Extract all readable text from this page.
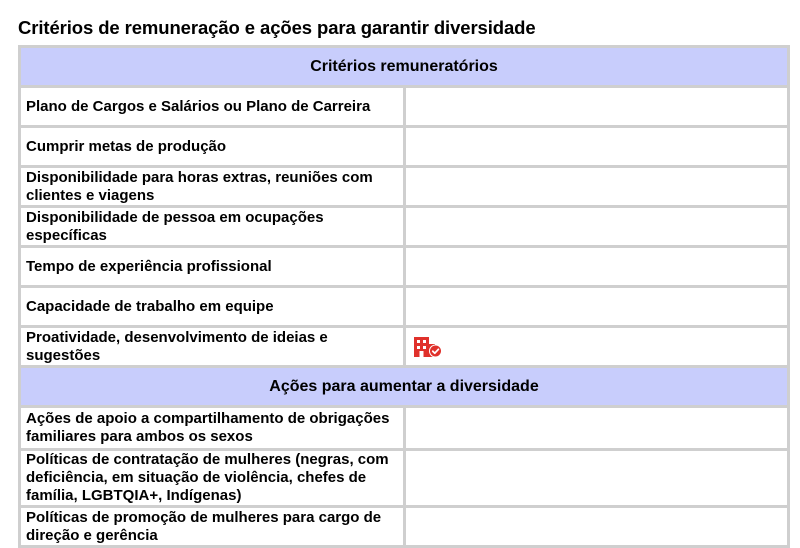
Critérios de remuneração e ações para garantir diversidade
Critérios remuneratórios	
Plano de Cargos e Salários ou Plano de Carreira	
Cumprir metas de produção	
Disponibilidade para horas extras, reuniões com clientes e viagens	
Disponibilidade de pessoa em ocupações específicas	
Tempo de experiência profissional	
Capacidade de trabalho em equipe	
Proatividade, desenvolvimento de ideias e sugestões	
Ações para aumentar a diversidade	
Ações de apoio a compartilhamento de obrigações familiares para ambos os sexos	
Políticas de contratação de mulheres (negras, com deficiência, em situação de violência, chefes de família, LGBTQIA+, Indígenas)	
Políticas de promoção de mulheres para cargo de direção e gerência	
